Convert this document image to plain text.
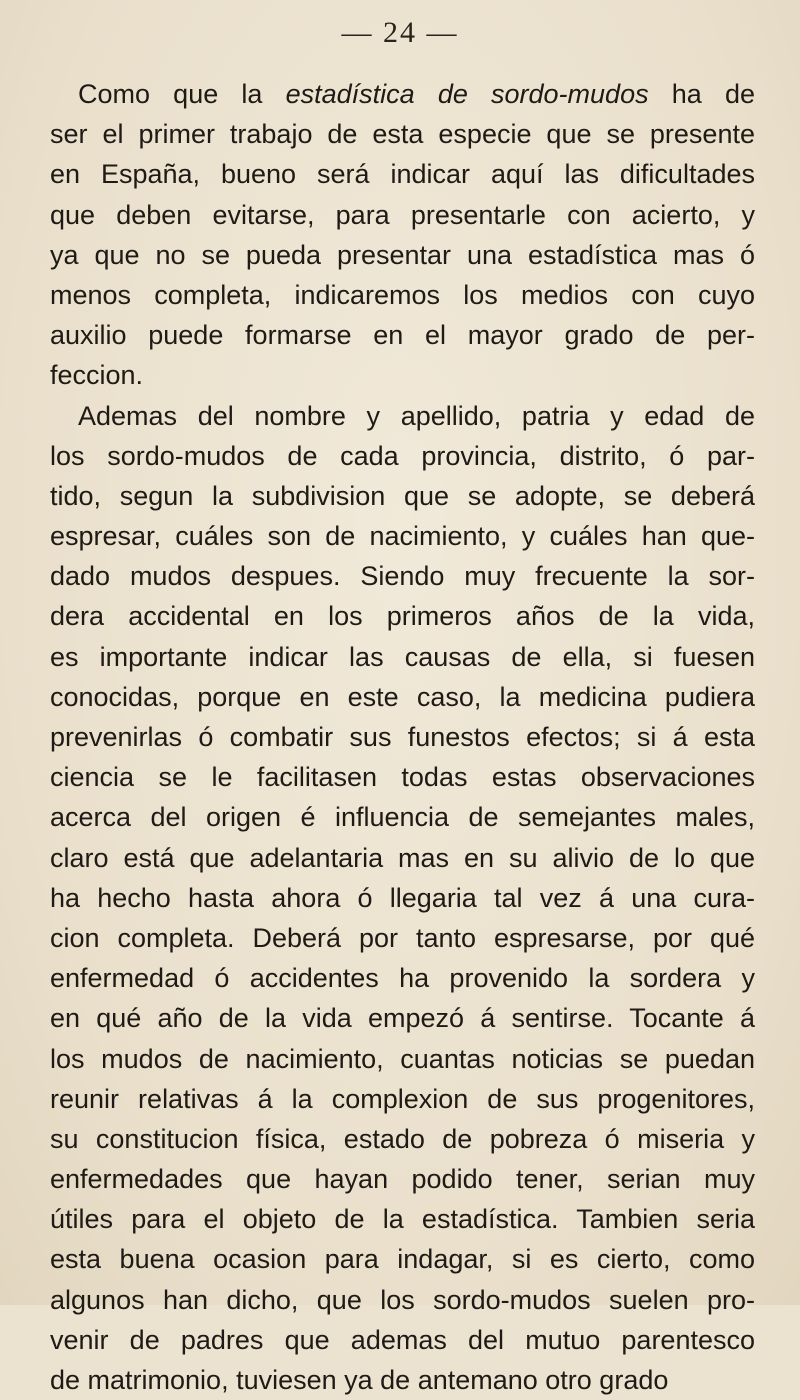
— 24 —
Como que la estadística de sordo-mudos ha de
ser el primer trabajo de esta especie que se presente
en España, bueno será indicar aquí las dificultades
que deben evitarse, para presentarle con acierto, y
ya que no se pueda presentar una estadística mas ó
menos completa, indicaremos los medios con cuyo
auxilio puede formarse en el mayor grado de per-
feccion.
Ademas del nombre y apellido, patria y edad de
los sordo-mudos de cada provincia, distrito, ó par-
tido, segun la subdivision que se adopte, se deberá
espresar, cuáles son de nacimiento, y cuáles han que-
dado mudos despues. Siendo muy frecuente la sor-
dera accidental en los primeros años de la vida,
es importante indicar las causas de ella, si fuesen
conocidas, porque en este caso, la medicina pudiera
prevenirlas ó combatir sus funestos efectos; si á esta
ciencia se le facilitasen todas estas observaciones
acerca del origen é influencia de semejantes males,
claro está que adelantaria mas en su alivio de lo que
ha hecho hasta ahora ó llegaria tal vez á una cura-
cion completa. Deberá por tanto espresarse, por qué
enfermedad ó accidentes ha provenido la sordera y
en qué año de la vida empezó á sentirse. Tocante á
los mudos de nacimiento, cuantas noticias se puedan
reunir relativas á la complexion de sus progenitores,
su constitucion física, estado de pobreza ó miseria y
enfermedades que hayan podido tener, serian muy
útiles para el objeto de la estadística. Tambien seria
esta buena ocasion para indagar, si es cierto, como
algunos han dicho, que los sordo-mudos suelen pro-
venir de padres que ademas del mutuo parentesco
de matrimonio, tuviesen ya de antemano otro grado
